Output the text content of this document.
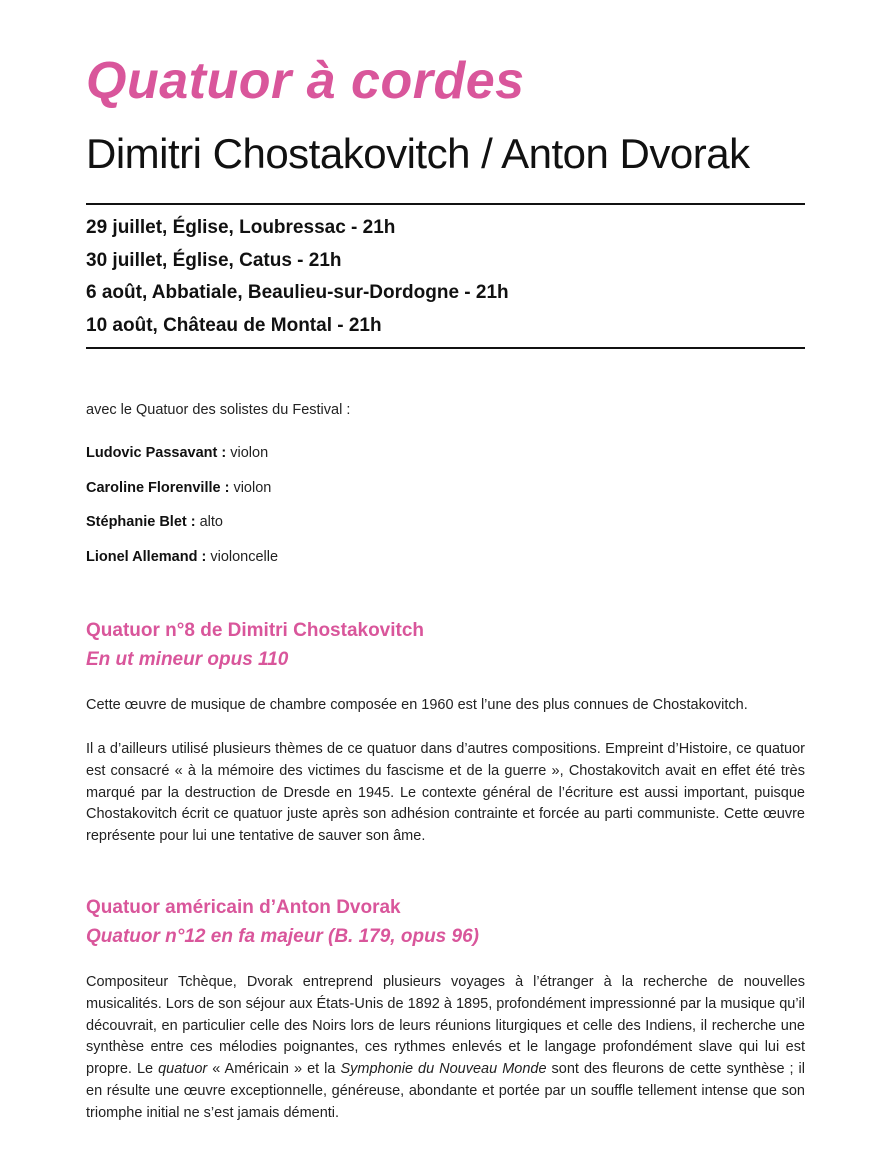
Quatuor à cordes
Dimitri Chostakovitch / Anton Dvorak
29 juillet, Église, Loubressac - 21h
30 juillet, Église, Catus - 21h
6 août, Abbatiale, Beaulieu-sur-Dordogne - 21h
10 août, Château de Montal - 21h
avec le Quatuor des solistes du Festival :
Ludovic Passavant : violon
Caroline Florenville : violon
Stéphanie Blet : alto
Lionel Allemand : violoncelle
Quatuor n°8 de Dimitri Chostakovitch
En ut mineur opus 110

Cette œuvre de musique de chambre composée en 1960 est l’une des plus connues de Chostakovitch.

Il a d’ailleurs utilisé plusieurs thèmes de ce quatuor dans d’autres compositions. Empreint d’Histoire, ce quatuor est consacré « à la mémoire des victimes du fascisme et de la guerre », Chostakovitch avait en effet été très marqué par la destruction de Dresde en 1945. Le contexte général de l’écriture est aussi important, puisque Chostakovitch écrit ce quatuor juste après son adhésion contrainte et forcée au parti communiste. Cette œuvre représente pour lui une tentative de sauver son âme.

Quatuor américain d’Anton Dvorak
Quatuor n°12 en fa majeur (B. 179, opus 96)

Compositeur Tchèque, Dvorak entreprend plusieurs voyages à l’étranger à la recherche de nouvelles musicalités. Lors de son séjour aux États-Unis de 1892 à 1895, profondément impressionné par la musique qu’il découvrait, en particulier celle des Noirs lors de leurs réunions liturgiques et celle des Indiens, il recherche une synthèse entre ces mélodies poignantes, ces rythmes enlevés et le langage profondément slave qui lui est propre. Le quatuor « Américain » et la Symphonie du Nouveau Monde sont des fleurons de cette synthèse ; il en résulte une œuvre exceptionnelle, généreuse, abondante et portée par un souffle tellement intense que son triomphe initial ne s’est jamais démenti.
